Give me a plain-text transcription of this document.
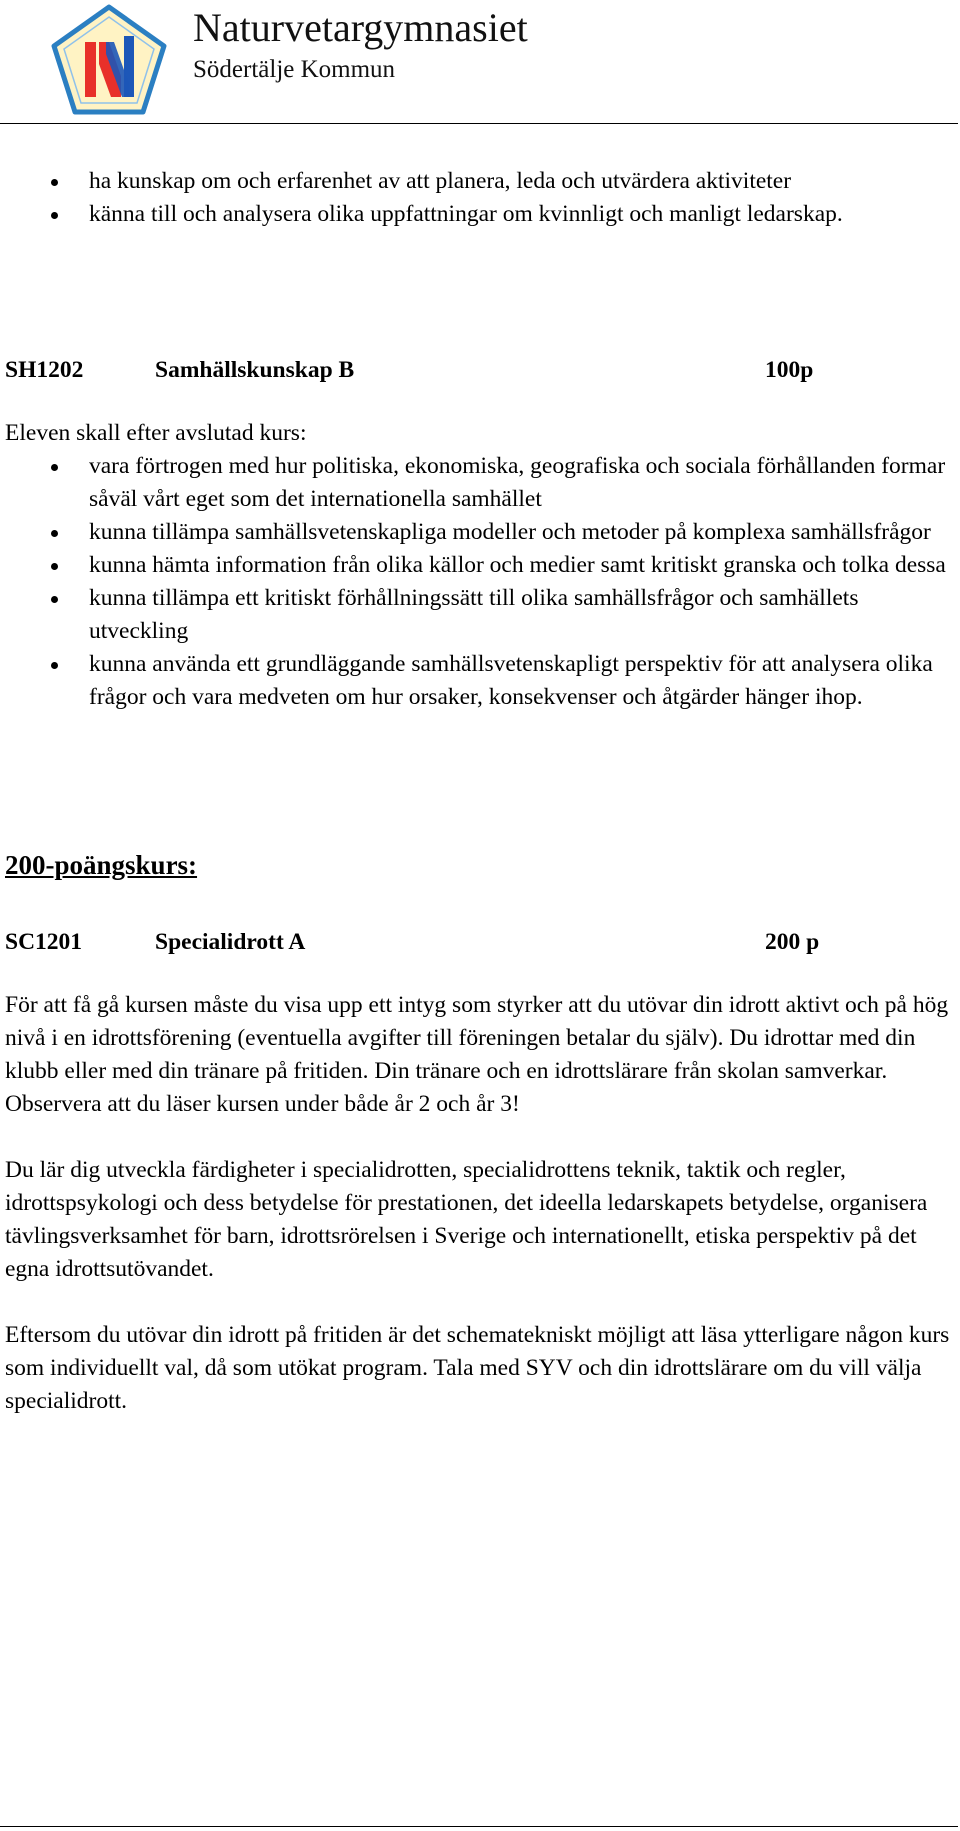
Naturvetargymnasiet
Södertälje Kommun
ha kunskap om och erfarenhet av att planera, leda och utvärdera aktiviteter
känna till och analysera olika uppfattningar om kvinnligt och manligt ledarskap.
SH1202	Samhällskunskap B	100p

Eleven skall efter avslutad kurs:

vara förtrogen med hur politiska, ekonomiska, geografiska och sociala förhållanden formar såväl vårt eget som det internationella samhället
kunna tillämpa samhällsvetenskapliga modeller och metoder på komplexa samhällsfrågor
kunna hämta information från olika källor och medier samt kritiskt granska och tolka dessa
kunna tillämpa ett kritiskt förhållningssätt till olika samhällsfrågor och samhällets utveckling
kunna använda ett grundläggande samhällsvetenskapligt perspektiv för att analysera olika frågor och vara medveten om hur orsaker, konsekvenser och åtgärder hänger ihop.
200-poängskurs:
SC1201	Specialidrott A	200 p

För att få gå kursen måste du visa upp ett intyg som styrker att du utövar din idrott aktivt och på hög nivå i en idrottsförening (eventuella avgifter till föreningen betalar du själv). Du idrottar med din klubb eller med din tränare på fritiden. Din tränare och en idrottslärare från skolan samverkar. Observera att du läser kursen under både år 2 och år 3!

Du lär dig utveckla färdigheter i specialidrotten, specialidrottens teknik, taktik och regler, idrottspsykologi och dess betydelse för prestationen, det ideella ledarskapets betydelse, organisera tävlingsverksamhet för barn, idrottsrörelsen i Sverige och internationellt, etiska perspektiv på det egna idrottsutövandet.

Eftersom du utövar din idrott på fritiden är det schematekniskt möjligt att läsa ytterligare någon kurs som individuellt val, då som utökat program. Tala med SYV och din idrottslärare om du vill välja specialidrott.
